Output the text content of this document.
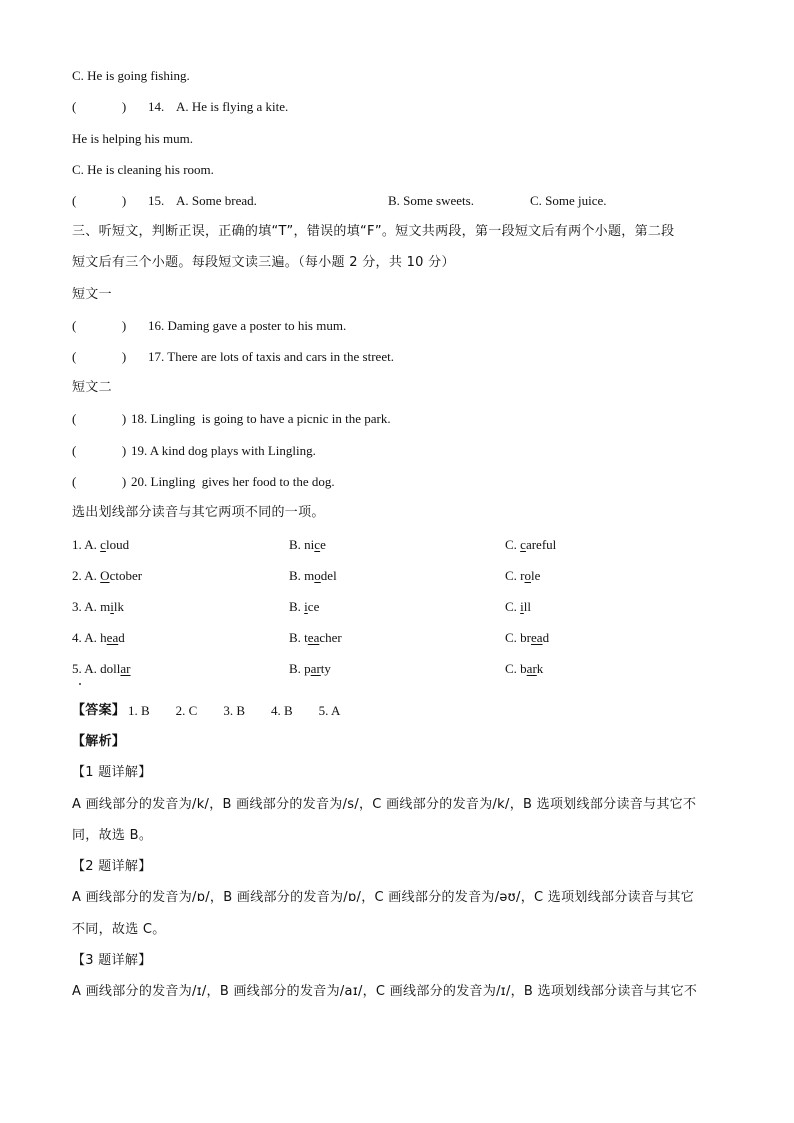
C. He is going fishing.
(              ) 14. A. He is flying a kite.
He is helping his mum.
C. He is cleaning his room.
(              ) 15. A. Some bread.	B. Some sweets.	C. Some juice.
三、听短文，判断正误，正确的填“T”，错误的填“F”。短文共两段，第一段短文后有两个小题，第二段
短文后有三个小题。每段短文读三遍。（每小题 2 分，共 10 分）
短文一
(              ) 16. Daming gave a poster to his mum.
(              ) 17. There are lots of taxis and cars in the street.
短文二
(              ) 18. Lingling  is going to have a picnic in the park.
(              ) 19. A kind dog plays with Lingling.
(              ) 20. Lingling  gives her food to the dog.
选出划线部分读音与其它两项不同的一项。
1. A. cloud	B. nice	C. careful
2. A. October	B. model	C. role
3. A. milk	B. ice	C. ill
4. A. head	B. teacher	C. bread
5. A. dollar	B. party	C. bark
【答案】 1. B        2. C        3. B        4. B        5. A
【解析】
【1 题详解】
A 画线部分的发音为/k/，B 画线部分的发音为/s/，C 画线部分的发音为/k/，B 选项划线部分读音与其它不
同，故选 B。
【2 题详解】
A 画线部分的发音为/ɒ/，B 画线部分的发音为/ɒ/，C 画线部分的发音为/əʊ/，C 选项划线部分读音与其它
不同，故选 C。
【3 题详解】
A 画线部分的发音为/ɪ/，B 画线部分的发音为/aɪ/，C 画线部分的发音为/ɪ/，B 选项划线部分读音与其它不
